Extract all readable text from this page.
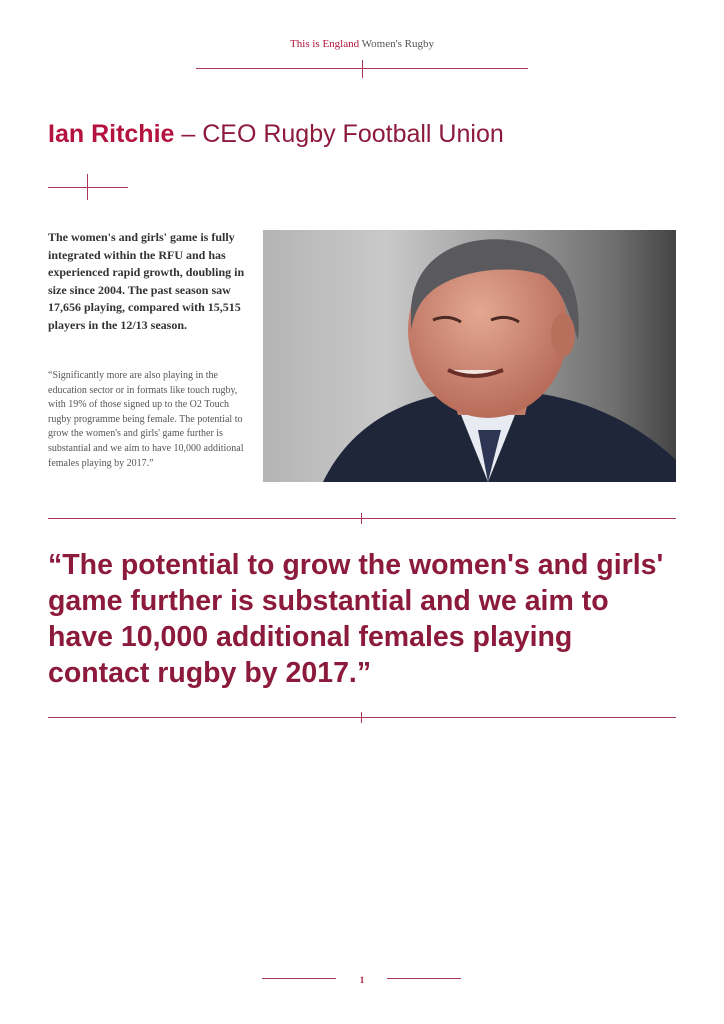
This is England Women's Rugby
Ian Ritchie – CEO Rugby Football Union
The women's and girls' game is fully integrated within the RFU and has experienced rapid growth, doubling in size since 2004. The past season saw 17,656 playing, compared with 15,515 players in the 12/13 season.
“Significantly more are also playing in the education sector or in formats like touch rugby, with 19% of those signed up to the O2 Touch rugby programme being female. The potential to grow the women's and girls' game further is substantial and we aim to have 10,000 additional females playing by 2017.”
“The potential to grow the women's and girls' game further is substantial and we aim to have 10,000 additional females playing contact rugby by 2017.”
1
